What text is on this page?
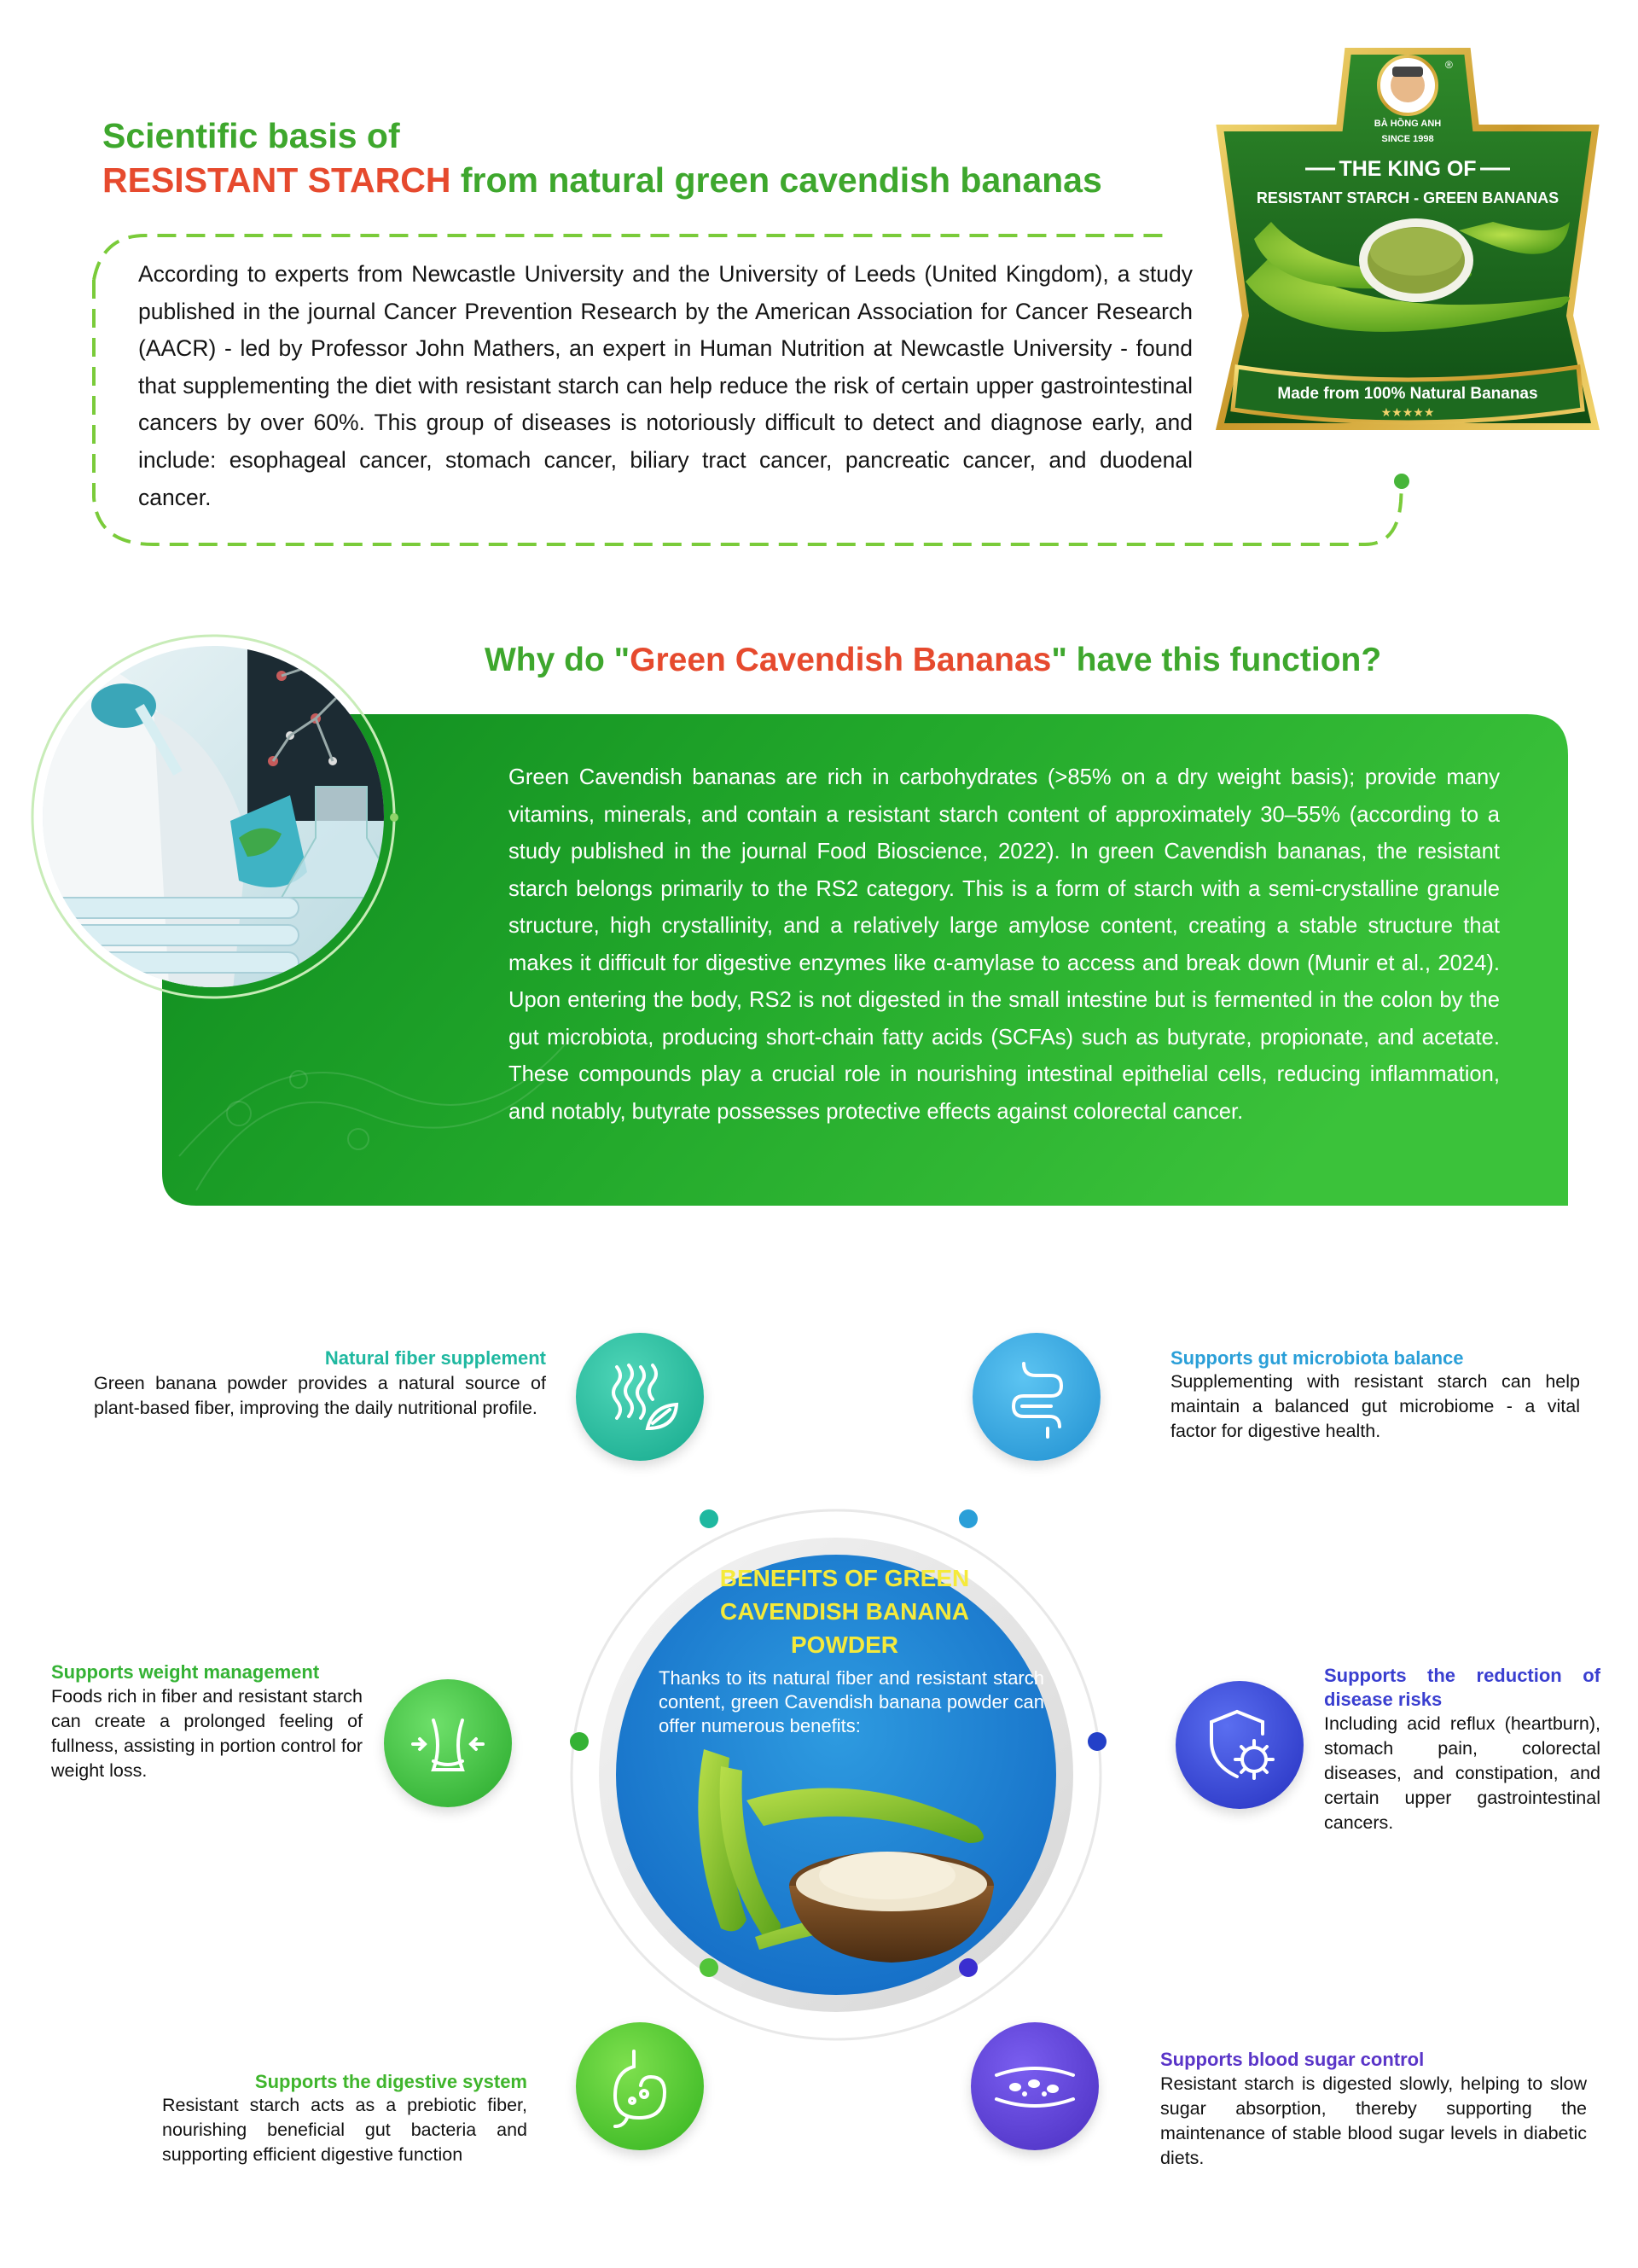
Scientific basis of
RESISTANT STARCH from natural green cavendish bananas
According to experts from Newcastle University and the University of Leeds (United Kingdom), a study published in the journal Cancer Prevention Research by the American Association for Cancer Research (AACR) - led by Professor John Mathers, an expert in Human Nutrition at Newcastle University - found that supplementing the diet with resistant starch can help reduce the risk of certain upper gastrointestinal cancers by over 60%. This group of diseases is notoriously difficult to detect and diagnose early, and include: esophageal cancer, stomach cancer, biliary tract cancer, pancreatic cancer, and duodenal cancer.
®
BÀ HỒNG ANH
SINCE 1998
THE KING OF
RESISTANT STARCH - GREEN BANANAS
Made from 100% Natural Bananas
★★★★★
Why do "Green Cavendish Bananas" have this function?
Green Cavendish bananas are rich in carbohydrates (>85% on a dry weight basis); provide many vitamins, minerals, and contain a resistant starch content of approximately 30–55% (according to a study published in the journal Food Bioscience, 2022). In green Cavendish bananas, the resistant starch belongs primarily to the RS2 category. This is a form of starch with a semi-crystalline granule structure, high crystallinity, and a relatively large amylose content, creating a stable structure that makes it difficult for digestive enzymes like α-amylase to access and break down (Munir et al., 2024). Upon entering the body, RS2 is not digested in the small intestine but is fermented in the colon by the gut microbiota, producing short-chain fatty acids (SCFAs) such as butyrate, propionate, and acetate. These compounds play a crucial role in nourishing intestinal epithelial cells, reducing inflammation, and notably, butyrate possesses protective effects against colorectal cancer.
BENEFITS OF GREEN CAVENDISH BANANA POWDER
Thanks to its natural fiber and resistant starch content, green Cavendish banana powder can offer numerous benefits:
Natural fiber supplement
Green banana powder provides a natural source of plant-based fiber, improving the daily nutritional profile.
Supports gut microbiota balance
Supplementing with resistant starch can help maintain a balanced gut microbiome - a vital factor for digestive health.
Supports weight management
Foods rich in fiber and resistant starch can create a prolonged feeling of fullness, assisting in portion control for weight loss.
Supports the reduction of disease risks
Including acid reflux (heartburn), stomach pain, colorectal diseases, and constipation, and certain upper gastrointestinal cancers.
Supports the digestive system
Resistant starch acts as a prebiotic fiber, nourishing beneficial gut bacteria and supporting efficient digestive function
Supports blood sugar control
Resistant starch is digested slowly, helping to slow sugar absorption, thereby supporting the maintenance of stable blood sugar levels in diabetic diets.
